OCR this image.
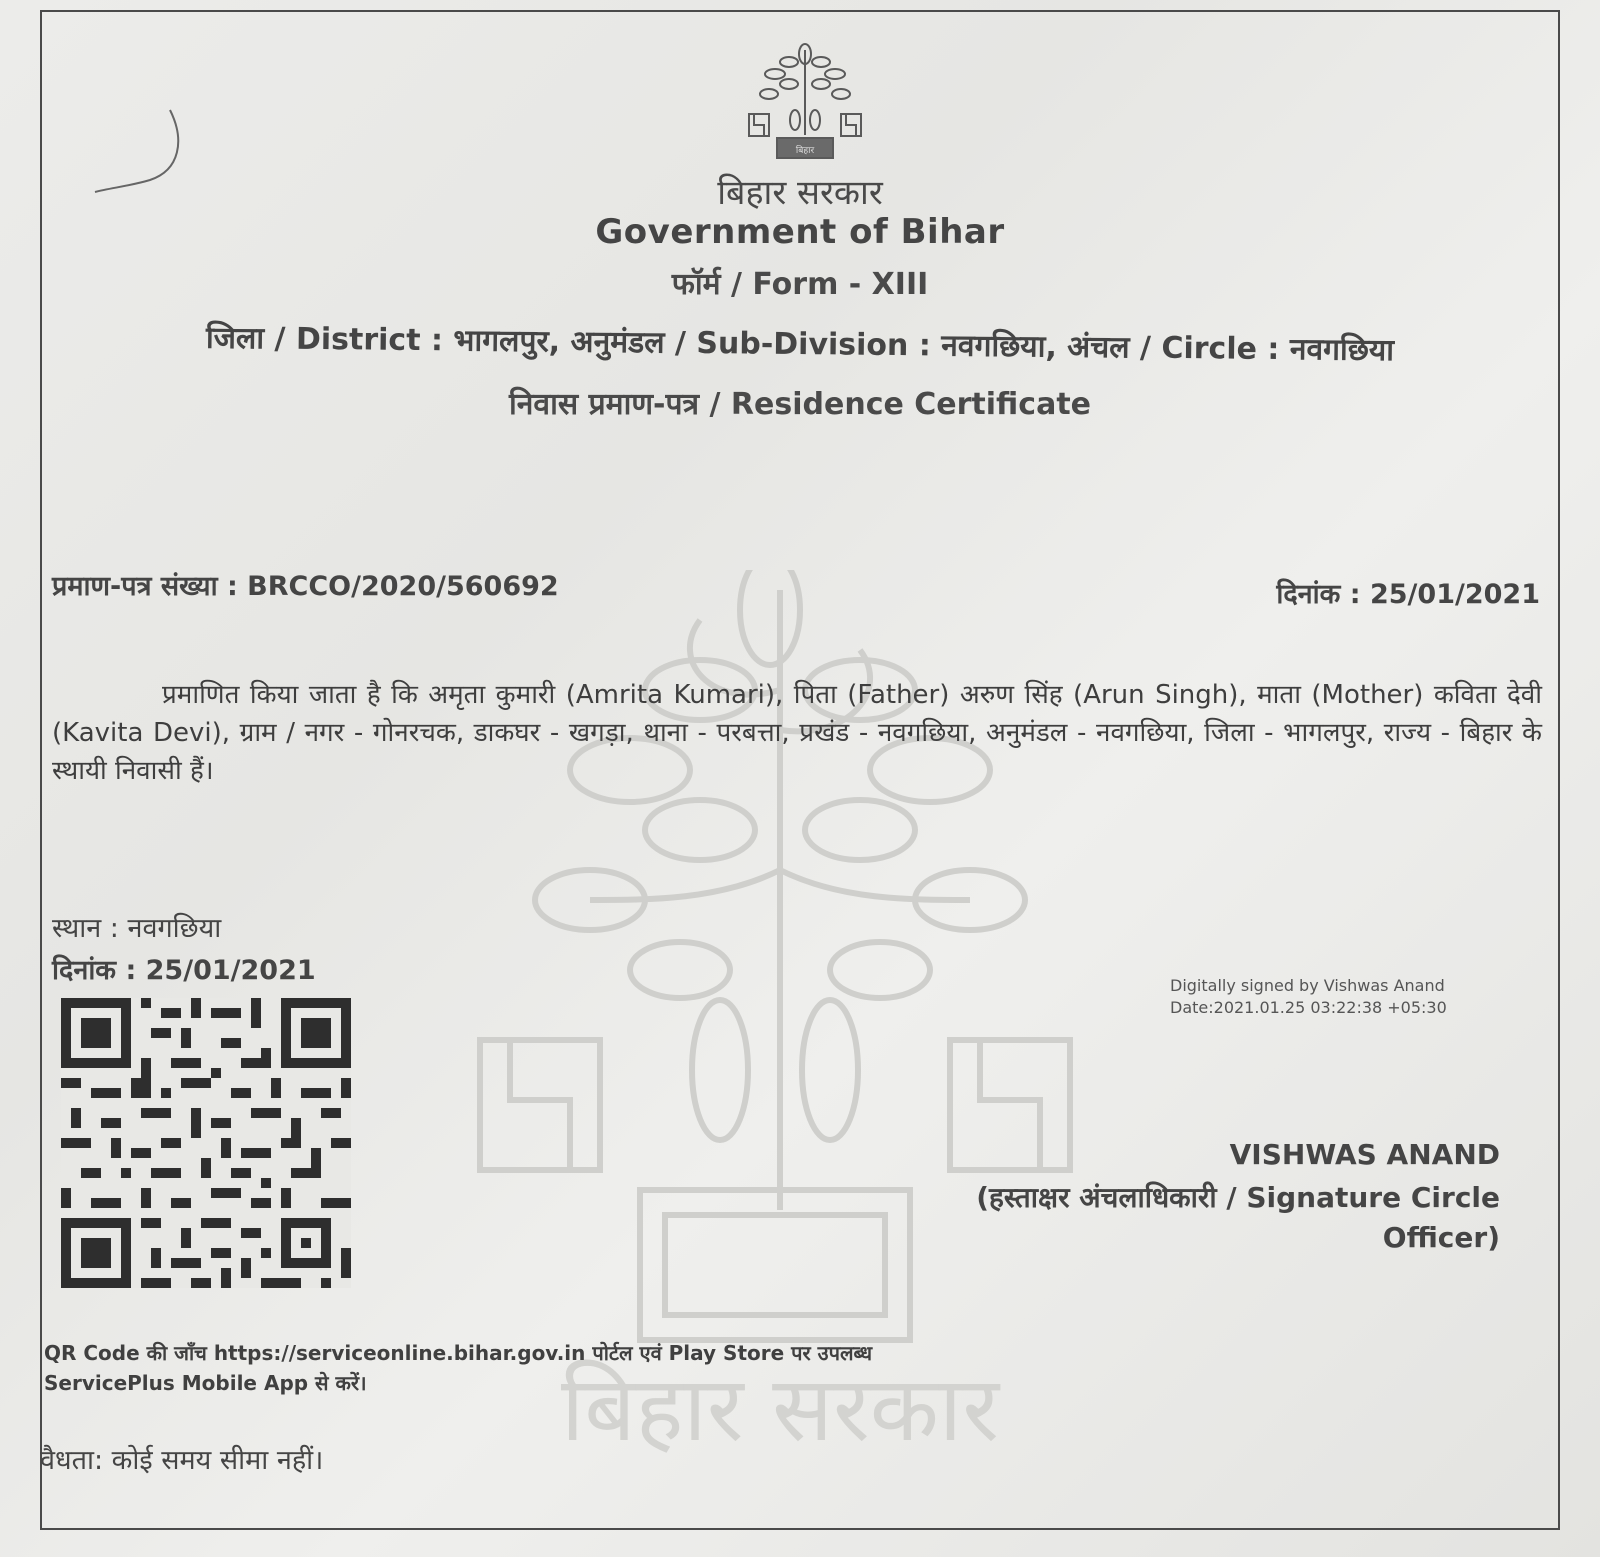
बिहार सरकार
बिहार
बिहार सरकार
Government of Bihar
फॉर्म / Form - XIII
जिला / District : भागलपुर, अनुमंडल / Sub-Division : नवगछिया, अंचल / Circle : नवगछिया
निवास प्रमाण-पत्र / Residence Certificate
प्रमाण-पत्र संख्या : BRCCO/2020/560692	दिनांक : 25/01/2021
प्रमाणित किया जाता है कि अमृता कुमारी (Amrita Kumari), पिता (Father) अरुण सिंह (Arun Singh), माता (Mother) कविता देवी (Kavita Devi), ग्राम / नगर - गोनरचक, डाकघर - खगड़ा, थाना - परबत्ता, प्रखंड - नवगछिया, अनुमंडल - नवगछिया, जिला - भागलपुर, राज्य - बिहार के स्थायी निवासी हैं।
स्थान : नवगछिया
दिनांक : 25/01/2021	Digitally signed by Vishwas Anand
Date:2021.01.25 03:22:38 +05:30
VISHWAS ANAND
(हस्ताक्षर अंचलाधिकारी / Signature Circle Officer)
QR Code की जाँच https://serviceonline.bihar.gov.in पोर्टल एवं Play Store पर उपलब्ध ServicePlus Mobile App से करें।
वैधता: कोई समय सीमा नहीं।
